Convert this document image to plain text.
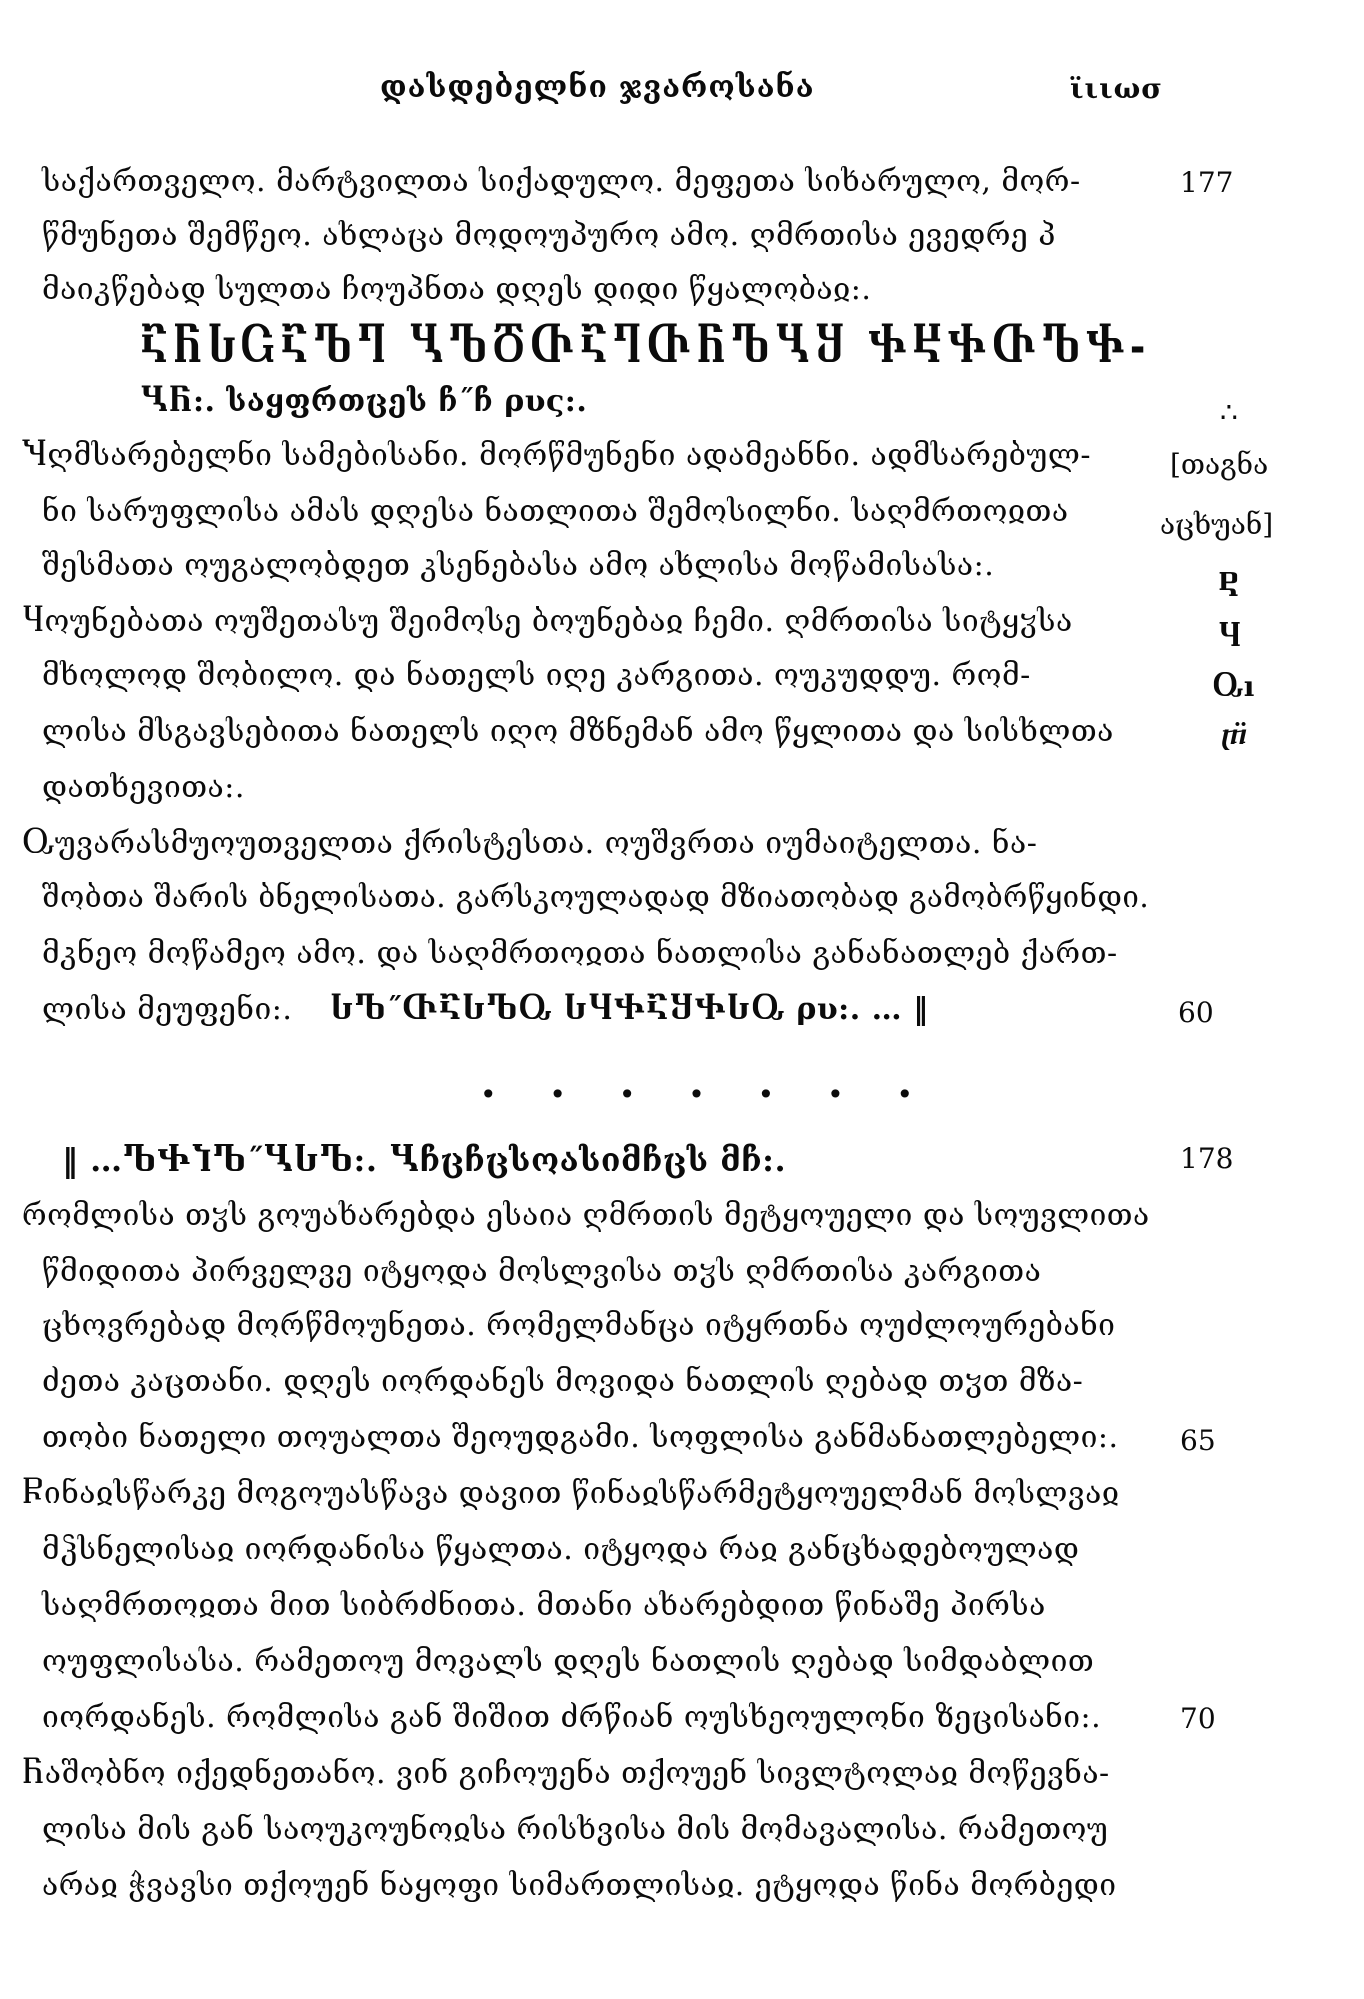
დასდებელნი ჯვაროსანა	ϊιιωσ
საქართველო. მარტვილთა სიქადულო. მეფეთა სიხარულო, მორ-
წმუნეთა შემწეო. ახლაცა მოდოუპურო ამო. ღმრთისა ევედრე პ
მაიკწებად სულთა ჩოუპნთა დღეს დიდი წყალობაჲ:.
ႠႬႱႺႠႪႤ ႡႪႣႧႠႤႧႬႪႡႸ ႵႾႵႧႪႵ-
ႡႬ:. საყფრთცეს ჩ˝ჩ ρυς:.
Ⴏღმსარებელნი სამებისანი. მორწმუნენი ადამეანნი. ადმსარებულ-
ნი სარუფლისა ამას დღესა ნათლითა შემოსილნი. საღმრთოჲთა
შესმათა ოუგალობდეთ კსენებასა ამო ახლისა მოწამისასა:.
Ⴗოუნებათა ოუშეთასუ შეიმოსე ბოუნებაჲ ჩემი. ღმრთისა სიტყჳსა
მხოლოდ შობილო. და ნათელს იღე კარგითა. ოუკუდდუ. რომ-
ლისა მსგავსებითა ნათელს იღო მზნემან ამო წყლითა და სისხლთა
დათხევითა:.
Ⴍუვარასმუოუთველთა ქრისტესთა. ოუშვრთა იუმაიტელთა. ნა-
შობთა შარის ბნელისათა. გარსკოულადად მზიათობად გამობრწყინდი.
მკნეო მოწამეო ამო. და საღმრთოჲთა ნათლისა განანათლებ ქართ-
ლისა მეუფენი:. ႱႪ˝ႧႠႱႪႭ ႱႷႵႠႸႵႱႭ ρυ:. … ‖
• • • • • • •
‖ …ႪႵႨႪ˝ႡႱႪ:. Ⴁჩცჩცსოასიმჩცს მჩ:.
რომლისა თჳს გოუახარებდა ესაია ღმრთის მეტყოუელი და სოუვლითა
წმიდითა პირველვე იტყოდა მოსლვისა თჳს ღმრთისა კარგითა
ცხოვრებად მორწმოუნეთა. რომელმანცა იტყრთნა ოუძლოურებანი
ძეთა კაცთანი. დღეს იორდანეს მოვიდა ნათლის ღებად თჳთ მზა-
თობი ნათელი თოუალთა შეოუდგამი. სოფლისა განმანათლებელი:.
Ⴜინაჲსწარკე მოგოუასწავა დავით წინაჲსწარმეტყოუელმან მოსლვაჲ
მჴსნელისაჲ იორდანისა წყალთა. იტყოდა რაჲ განცხადებოულად
საღმრთოჲთა მით სიბრძნითა. მთანი ახარებდით წინაშე პირსა
ოუფლისასა. რამეთოუ მოვალს დღეს ნათლის ღებად სიმდაბლით
იორდანეს. რომლისა გან შიშით ძრწიან ოუსხეოულონი ზეცისანი:.
Ⴌაშობნო იქედნეთანო. ვინ გიჩოუენა თქოუენ სივლტოლაჲ მოწევნა-
ლისა მის გან საოუკოუნოჲსა რისხვისა მის მომავალისა. რამეთოუ
არაჲ ჭვავსი თქოუენ ნაყოფი სიმართლისაჲ. ეტყოდა წინა მორბედი
177
∴
[თაგნა
აცხუან]
Ⴒ
Ⴗ
Ⴍı
ⴜ̈
60
178
65
70
